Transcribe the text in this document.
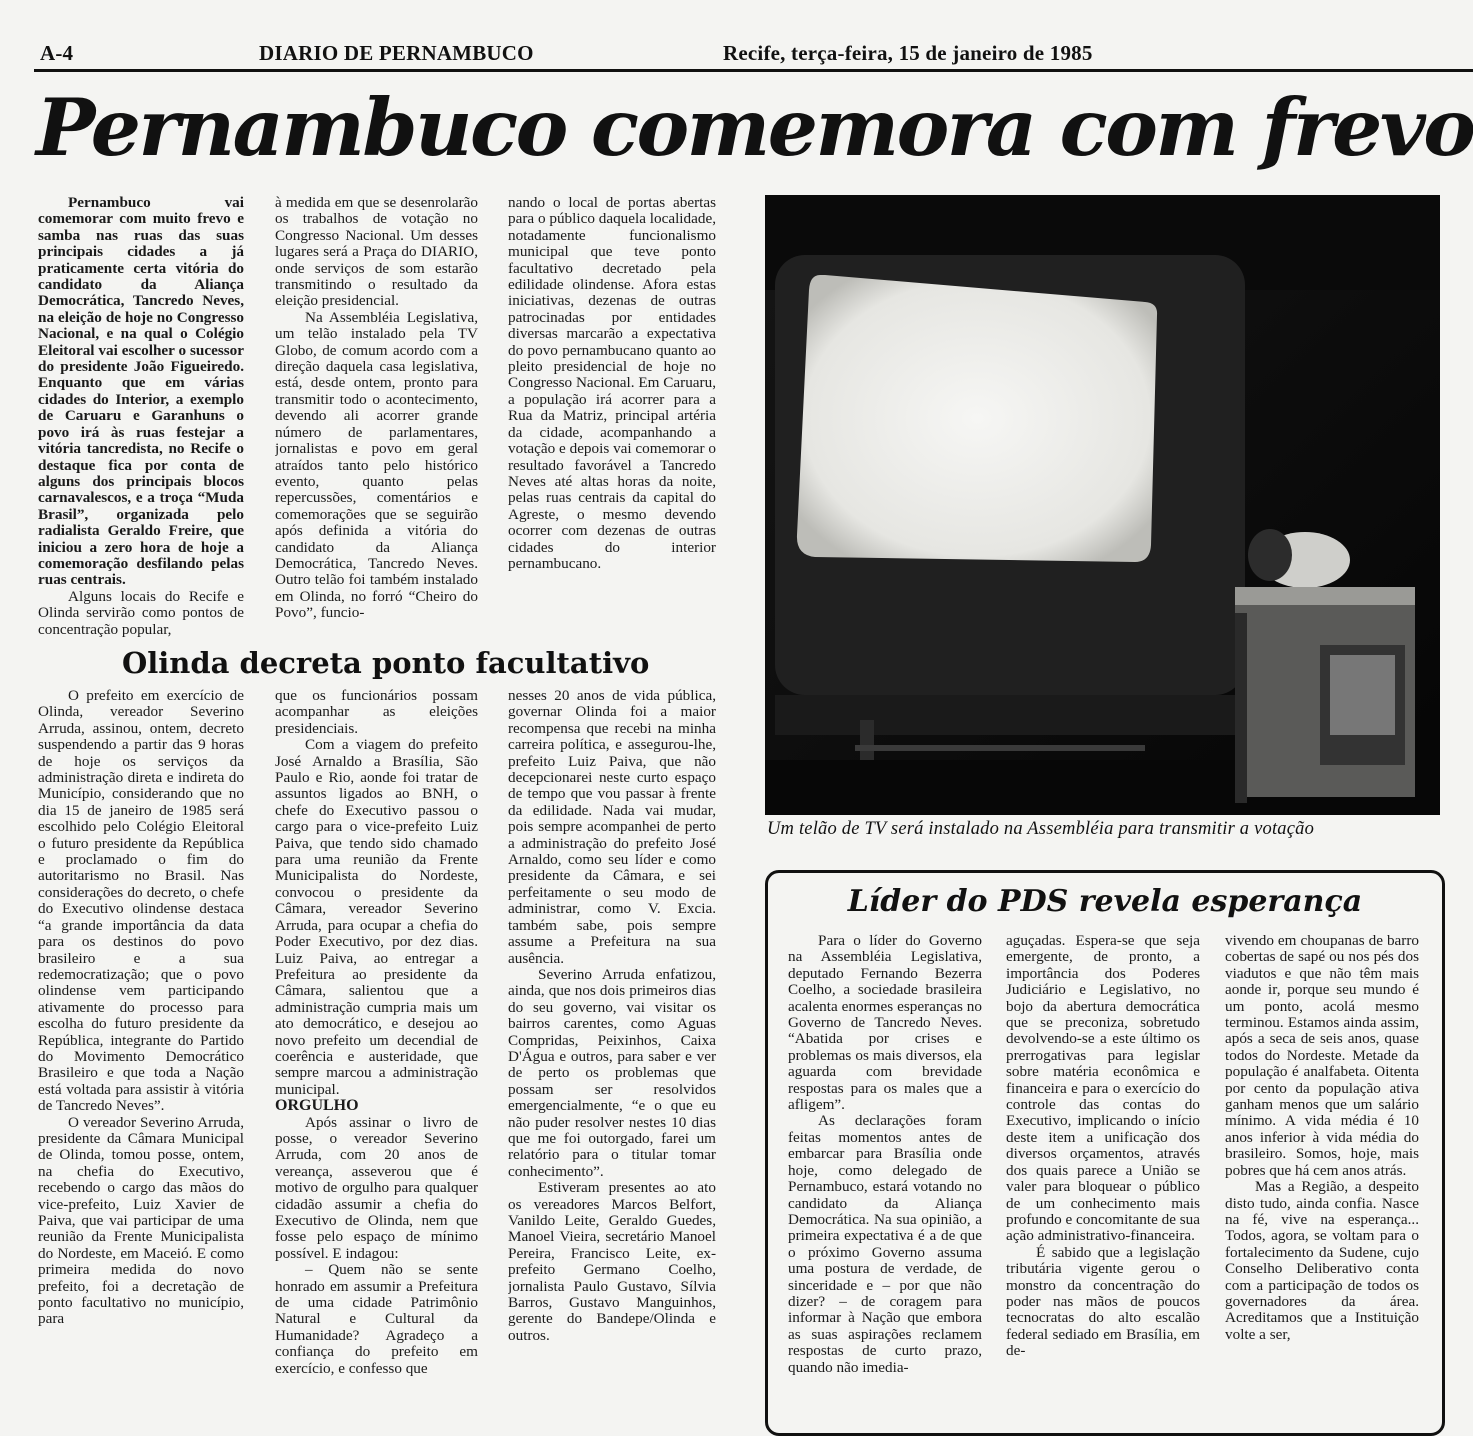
A-4	DIARIO DE PERNAMBUCO	Recife, terça-feira, 15 de janeiro de 1985
Pernambuco comemora com frevo

Pernambuco vai comemorar com muito frevo e samba nas ruas das suas principais cidades a já praticamente certa vitória do candidato da Aliança Democrática, Tancredo Neves, na eleição de hoje no Congresso Nacional, e na qual o Colégio Eleitoral vai escolher o sucessor do presidente João Figueiredo. Enquanto que em várias cidades do Interior, a exemplo de Caruaru e Garanhuns o povo irá às ruas festejar a vitória tancredista, no Recife o destaque fica por conta de alguns dos principais blocos carnavalescos, e a troça “Muda Brasil”, organizada pelo radialista Geraldo Freire, que iniciou a zero hora de hoje a comemoração desfilando pelas ruas centrais.

Alguns locais do Recife e Olinda servirão como pontos de concentração popular,

à medida em que se desenrolarão os trabalhos de votação no Congresso Nacional. Um desses lugares será a Praça do DIARIO, onde serviços de som estarão transmitindo o resultado da eleição presidencial.

Na Assembléia Legislativa, um telão instalado pela TV Globo, de comum acordo com a direção daquela casa legislativa, está, desde ontem, pronto para transmitir todo o acontecimento, devendo ali acorrer grande número de parlamentares, jornalistas e povo em geral atraídos tanto pelo histórico evento, quanto pelas repercussões, comentários e comemorações que se seguirão após definida a vitória do candidato da Aliança Democrática, Tancredo Neves. Outro telão foi também instalado em Olinda, no forró “Cheiro do Povo”, funcio-

nando o local de portas abertas para o público daquela localidade, notadamente funcionalismo municipal que teve ponto facultativo decretado pela edilidade olindense. Afora estas iniciativas, dezenas de outras patrocinadas por entidades diversas marcarão a expectativa do povo pernambucano quanto ao pleito presidencial de hoje no Congresso Nacional. Em Caruaru, a população irá acorrer para a Rua da Matriz, principal artéria da cidade, acompanhando a votação e depois vai comemorar o resultado favorável a Tancredo Neves até altas horas da noite, pelas ruas centrais da capital do Agreste, o mesmo devendo ocorrer com dezenas de outras cidades do interior pernambucano.

Olinda decreta ponto facultativo

O prefeito em exercício de Olinda, vereador Severino Arruda, assinou, ontem, decreto suspendendo a partir das 9 horas de hoje os serviços da administração direta e indireta do Município, considerando que no dia 15 de janeiro de 1985 será escolhido pelo Colégio Eleitoral o futuro presidente da República e proclamado o fim do autoritarismo no Brasil. Nas considerações do decreto, o chefe do Executivo olindense destaca “a grande importância da data para os destinos do povo brasileiro e a sua redemocratização; que o povo olindense vem participando ativamente do processo para escolha do futuro presidente da República, integrante do Partido do Movimento Democrático Brasileiro e que toda a Nação está voltada para assistir à vitória de Tancredo Neves”.

O vereador Severino Arruda, presidente da Câmara Municipal de Olinda, tomou posse, ontem, na chefia do Executivo, recebendo o cargo das mãos do vice-prefeito, Luiz Xavier de Paiva, que vai participar de uma reunião da Frente Municipalista do Nordeste, em Maceió. E como primeira medida do novo prefeito, foi a decretação de ponto facultativo no município, para

que os funcionários possam acompanhar as eleições presidenciais.

Com a viagem do prefeito José Arnaldo a Brasília, São Paulo e Rio, aonde foi tratar de assuntos ligados ao BNH, o chefe do Executivo passou o cargo para o vice-prefeito Luiz Paiva, que tendo sido chamado para uma reunião da Frente Municipalista do Nordeste, convocou o presidente da Câmara, vereador Severino Arruda, para ocupar a chefia do Poder Executivo, por dez dias. Luiz Paiva, ao entregar a Prefeitura ao presidente da Câmara, salientou que a administração cumpria mais um ato democrático, e desejou ao novo prefeito um decendial de coerência e austeridade, que sempre marcou a administração municipal.

ORGULHO

Após assinar o livro de posse, o vereador Severino Arruda, com 20 anos de vereança, asseverou que é motivo de orgulho para qualquer cidadão assumir a chefia do Executivo de Olinda, nem que fosse pelo espaço de mínimo possível. E indagou:

– Quem não se sente honrado em assumir a Prefeitura de uma cidade Patrimônio Natural e Cultural da Humanidade? Agradeço a confiança do prefeito em exercício, e confesso que

nesses 20 anos de vida pública, governar Olinda foi a maior recompensa que recebi na minha carreira política, e assegurou-lhe, prefeito Luiz Paiva, que não decepcionarei neste curto espaço de tempo que vou passar à frente da edilidade. Nada vai mudar, pois sempre acompanhei de perto a administração do prefeito José Arnaldo, como seu líder e como presidente da Câmara, e sei perfeitamente o seu modo de administrar, como V. Excia. também sabe, pois sempre assume a Prefeitura na sua ausência.

Severino Arruda enfatizou, ainda, que nos dois primeiros dias do seu governo, vai visitar os bairros carentes, como Aguas Compridas, Peixinhos, Caixa D'Água e outros, para saber e ver de perto os problemas que possam ser resolvidos emergencialmente, “e o que eu não puder resolver nestes 10 dias que me foi outorgado, farei um relatório para o titular tomar conhecimento”.

Estiveram presentes ao ato os vereadores Marcos Belfort, Vanildo Leite, Geraldo Guedes, Manoel Vieira, secretário Manoel Pereira, Francisco Leite, ex-prefeito Germano Coelho, jornalista Paulo Gustavo, Sílvia Barros, Gustavo Manguinhos, gerente do Bandepe/Olinda e outros.

Um telão de TV será instalado na Assembléia para transmitir a votação
Líder do PDS revela esperança

Para o líder do Governo na Assembléia Legislativa, deputado Fernando Bezerra Coelho, a sociedade brasileira acalenta enormes esperanças no Governo de Tancredo Neves. “Abatida por crises e problemas os mais diversos, ela aguarda com brevidade respostas para os males que a afligem”.

As declarações foram feitas momentos antes de embarcar para Brasília onde hoje, como delegado de Pernambuco, estará votando no candidato da Aliança Democrática. Na sua opinião, a primeira expectativa é a de que o próximo Governo assuma uma postura de verdade, de sinceridade e – por que não dizer? – de coragem para informar à Nação que embora as suas aspirações reclamem respostas de curto prazo, quando não imedia-

aguçadas. Espera-se que seja emergente, de pronto, a importância dos Poderes Judiciário e Legislativo, no bojo da abertura democrática que se preconiza, sobretudo devolvendo-se a este último os prerrogativas para legislar sobre matéria econômica e financeira e para o exercício do controle das contas do Executivo, implicando o início deste item a unificação dos diversos orçamentos, através dos quais parece a União se valer para bloquear o público de um conhecimento mais profundo e concomitante de sua ação administrativo-financeira.

É sabido que a legislação tributária vigente gerou o monstro da concentração do poder nas mãos de poucos tecnocratas do alto escalão federal sediado em Brasília, em de-

vivendo em choupanas de barro cobertas de sapé ou nos pés dos viadutos e que não têm mais aonde ir, porque seu mundo é um ponto, acolá mesmo terminou. Estamos ainda assim, após a seca de seis anos, quase todos do Nordeste. Metade da população é analfabeta. Oitenta por cento da população ativa ganham menos que um salário mínimo. A vida média é 10 anos inferior à vida média do brasileiro. Somos, hoje, mais pobres que há cem anos atrás.

Mas a Região, a despeito disto tudo, ainda confia. Nasce na fé, vive na esperança... Todos, agora, se voltam para o fortalecimento da Sudene, cujo Conselho Deliberativo conta com a participação de todos os governadores da área. Acreditamos que a Instituição volte a ser,
